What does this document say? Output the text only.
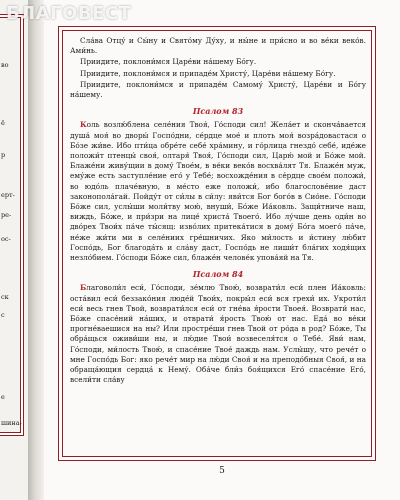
БЛАГОВЕСТ
во
ё
р
ерт-
ре-
ос-
ск
с
е
шина-

Сла́ва Отцу́ и Сы́ну и Свято́му Ду́ху, и ны́не и при́сно и во ве́ки веко́в. Ами́нь.

Приидите, поклони́мся Царе́ви на́шему Бо́гу.

Приидите, поклони́мся и припаде́м Христу́, Царе́ви на́шему Бо́гу.

Приидите, поклони́мся и припаде́м Самому́ Христу́, Царе́ви и Бо́гу на́шему.

Псалом 83

Коль возлю́блена селе́ния Твоя́, Го́споди сил! Жела́ет и сконча́вается душа́ моя́ во дворы́ Госпо́дни, се́рдце мое́ и плоть моя́ возра́довастася о Бо́зе жи́ве. Ибо пти́ца обре́те себе́ хра́мину, и го́рлица гнездо́ себе́, иде́же положи́т птенцы́ своя́, олтаря́ Твоя́, Го́споди сил, Царю́ мой и Бо́же мой. Блаже́ни живу́щии в дому́ Твое́м, в ве́ки веко́в восхва́лят Тя. Блаже́н муж, ему́же есть заступле́ние его́ у Тебе́; восхожде́ния в се́рдце свое́м положи́, во юдо́ль плаче́вную, в ме́сто еже положи́, ибо благослове́ние даст законопола́гай. Пойду́т от си́лы в си́лу: яви́тся Бог бого́в в Сио́не. Го́споди Бо́же сил, услы́ши моли́тву мою́, внуши́, Бо́же Иа́ковль. Защи́тниче наш, виждь, Бо́же, и при́зри на лице́ христа́ Твоего́. Ибо лу́чше день оди́н во дво́рех Твои́х па́че ты́сящ: изво́лих притека́тися в дому́ Бо́га моего́ па́че, не́же жи́ти ми в селе́ниих гре́шничих. Яко ми́лость и и́стину лю́бит Госпо́дь, Бог благода́ть и сла́ву даст, Госпо́дь не лиши́т бла́гих ходя́щих незло́бием. Го́споди Бо́же сил, блаже́н челове́к упова́яй на Тя.

Псалом 84

Благоволи́л еси́, Го́споди, зе́млю Твою́, возврати́л еси́ плен Иа́ковль: оста́вил еси́ беззако́ния люде́й Твои́х, покры́л еси́ вся грехи́ их. Укроти́л еси́ весь гнев Твой, возврати́лся еси́ от гне́ва я́рости Твоея́. Возврати́ нас, Бо́же спасе́ний на́ших, и отврати́ я́рость Твою́ от нас. Еда́ во ве́ки прогне́ваешися на ны? Или простре́ши гнев Твой от ро́да в род? Бо́же, Ты обра́щься оживи́ши ны, и лю́дие Твои́ возвеселя́тся о Тебе́. Яви́ нам, Го́споди, ми́лость Твою́, и спасе́ние Твое́ даждь нам. Услы́шу, что рече́т о мне Госпо́дь Бог: яко рече́т мир на лю́ди Своя́ и на преподо́бныя Своя́, и на обраща́ющия сердца́ к Нему́. Оба́че бли́з боя́щихся Его́ спасе́ние Его́, всели́ти сла́ву

5
